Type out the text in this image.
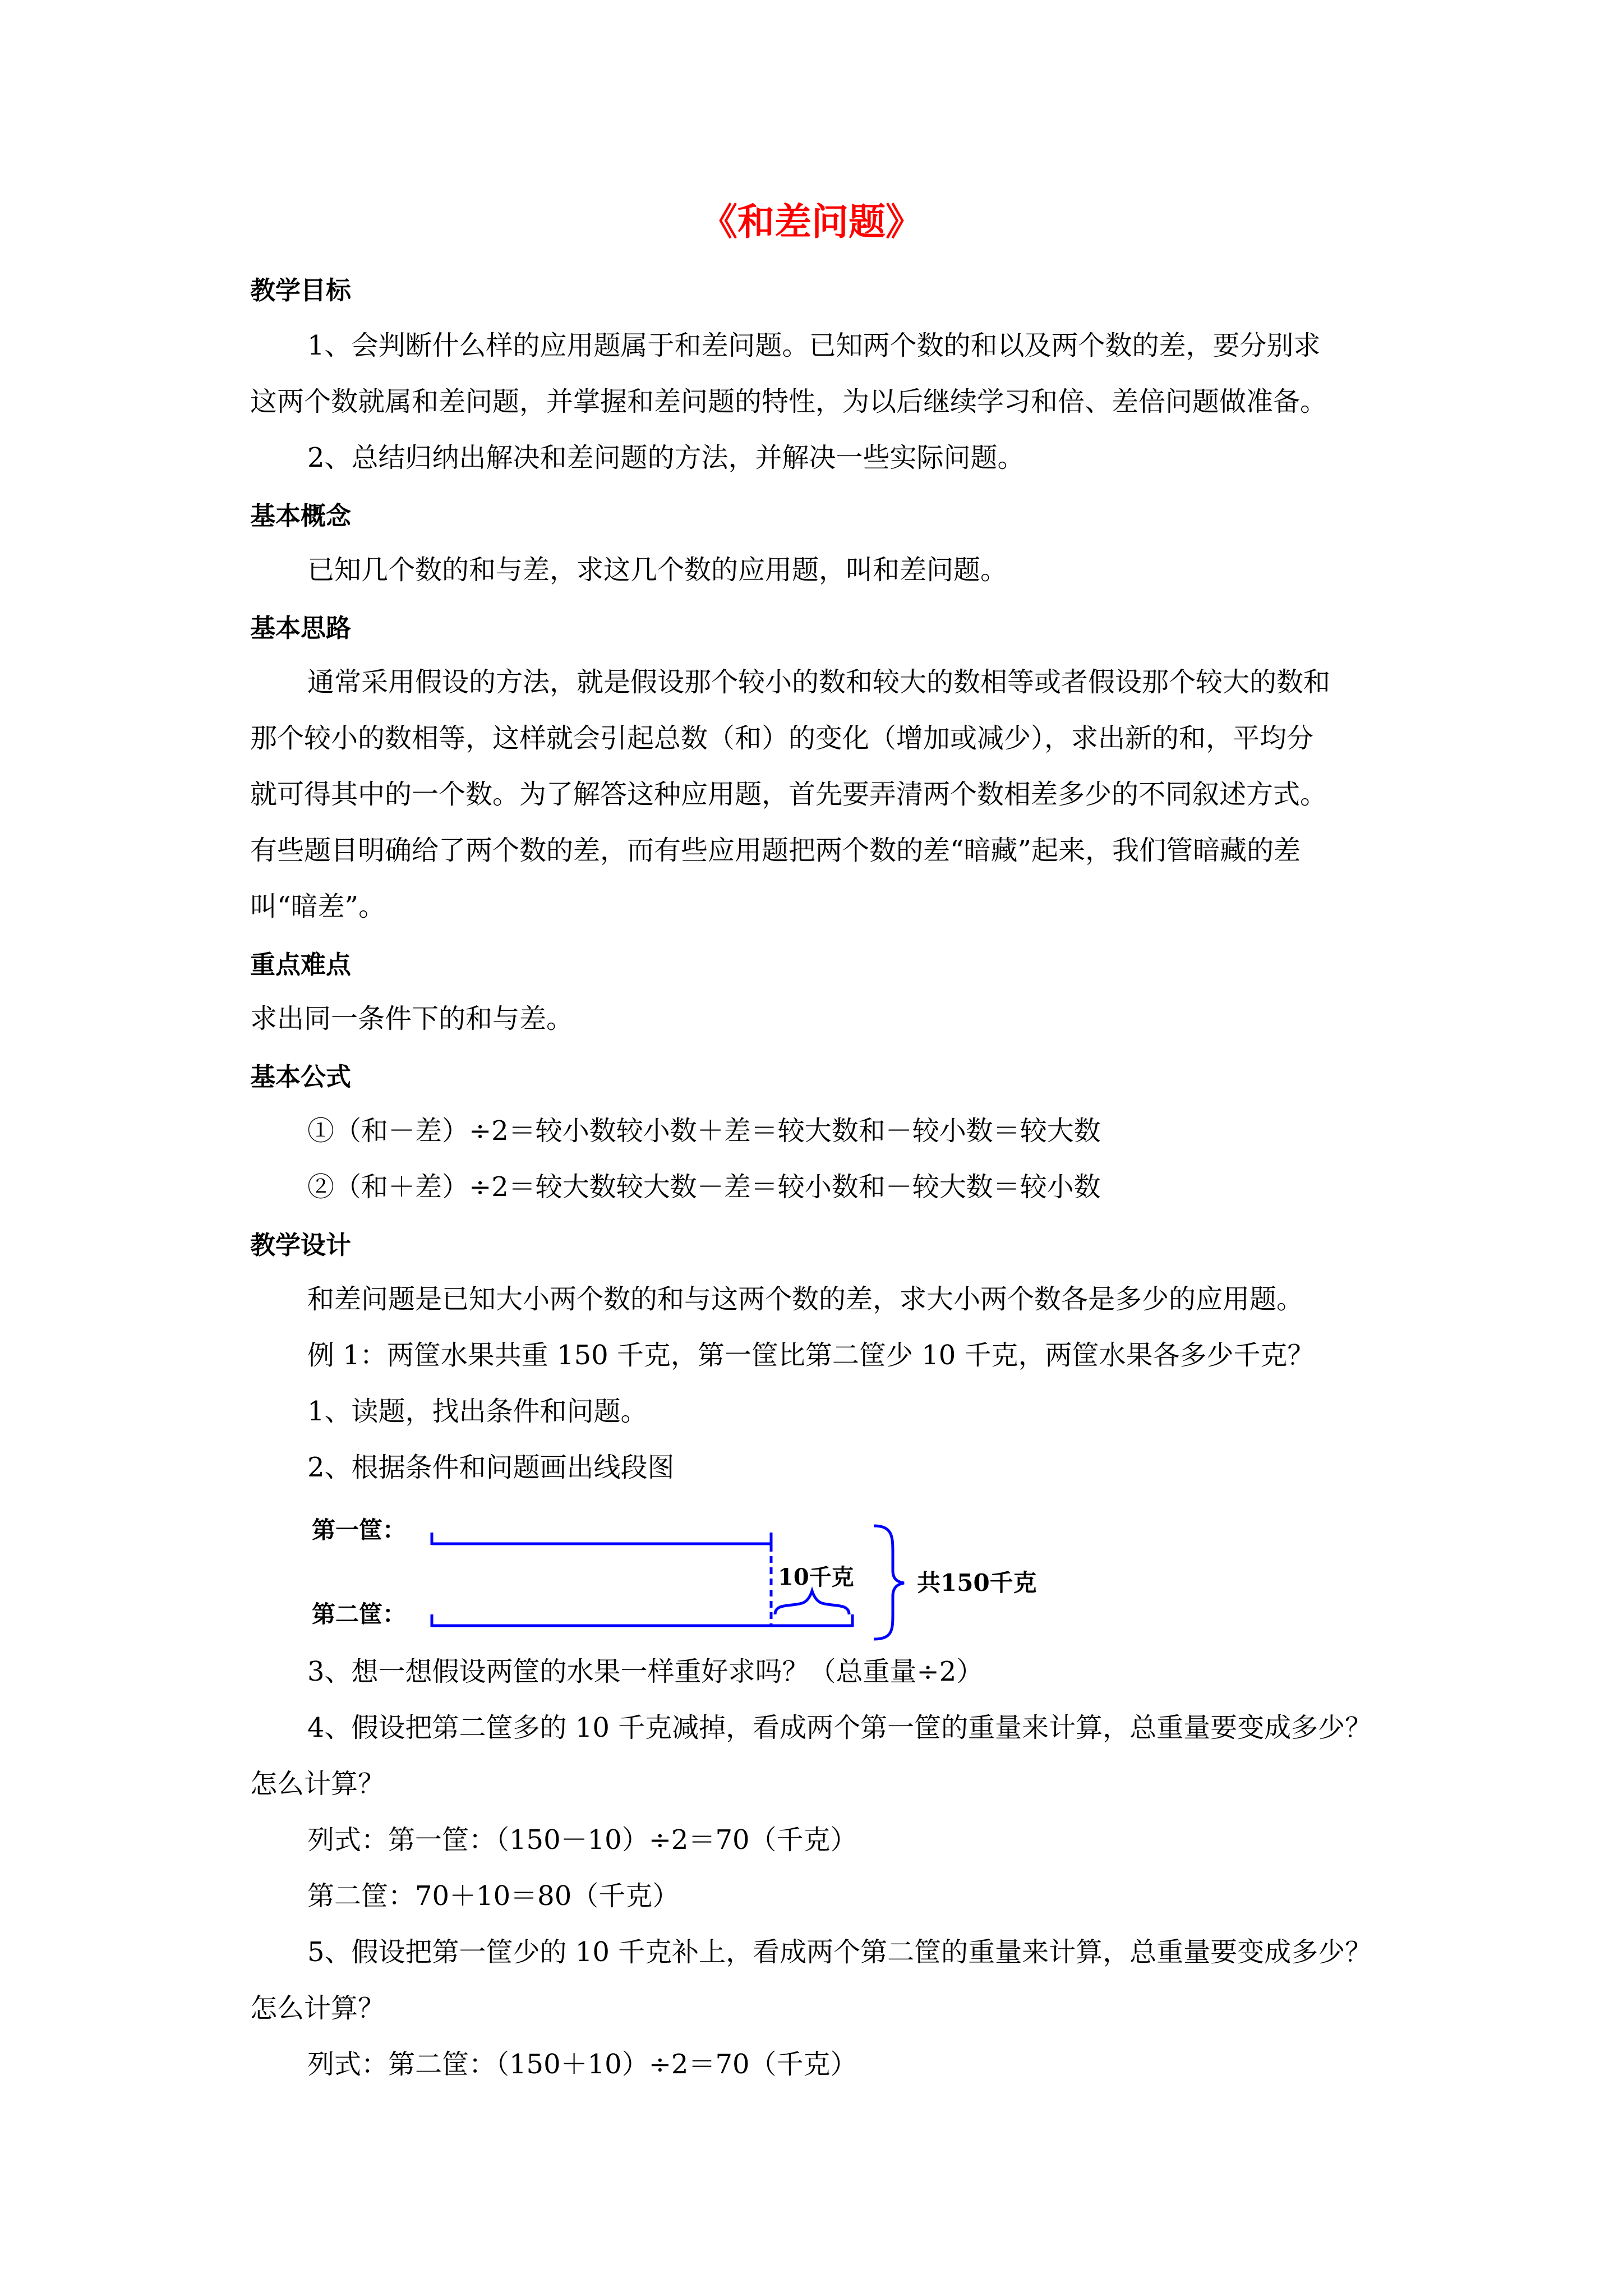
《和差问题》
教学目标
1、会判断什么样的应用题属于和差问题。已知两个数的和以及两个数的差，要分别求
这两个数就属和差问题，并掌握和差问题的特性，为以后继续学习和倍、差倍问题做准备。
2、总结归纳出解决和差问题的方法，并解决一些实际问题。
基本概念
已知几个数的和与差，求这几个数的应用题，叫和差问题。
基本思路
通常采用假设的方法，就是假设那个较小的数和较大的数相等或者假设那个较大的数和
那个较小的数相等，这样就会引起总数（和）的变化（增加或减少），求出新的和，平均分
就可得其中的一个数。为了解答这种应用题，首先要弄清两个数相差多少的不同叙述方式。
有些题目明确给了两个数的差，而有些应用题把两个数的差“暗藏”起来，我们管暗藏的差
叫“暗差”。
重点难点
求出同一条件下的和与差。
基本公式
①（和－差）÷2＝较小数较小数＋差＝较大数和－较小数＝较大数
②（和＋差）÷2＝较大数较大数－差＝较小数和－较大数＝较小数
教学设计
和差问题是已知大小两个数的和与这两个数的差，求大小两个数各是多少的应用题。
例 1：两筐水果共重 150 千克，第一筐比第二筐少 10 千克，两筐水果各多少千克？
1、读题，找出条件和问题。
2、根据条件和问题画出线段图
第一筐：
第二筐：
10千克	共150千克
3、想一想假设两筐的水果一样重好求吗？（总重量÷2）
4、假设把第二筐多的 10 千克减掉，看成两个第一筐的重量来计算，总重量要变成多少？
怎么计算？
列式：第一筐：（150－10）÷2＝70（千克）
第二筐：70＋10＝80（千克）
5、假设把第一筐少的 10 千克补上，看成两个第二筐的重量来计算，总重量要变成多少？
怎么计算？
列式：第二筐：（150＋10）÷2＝70（千克）
